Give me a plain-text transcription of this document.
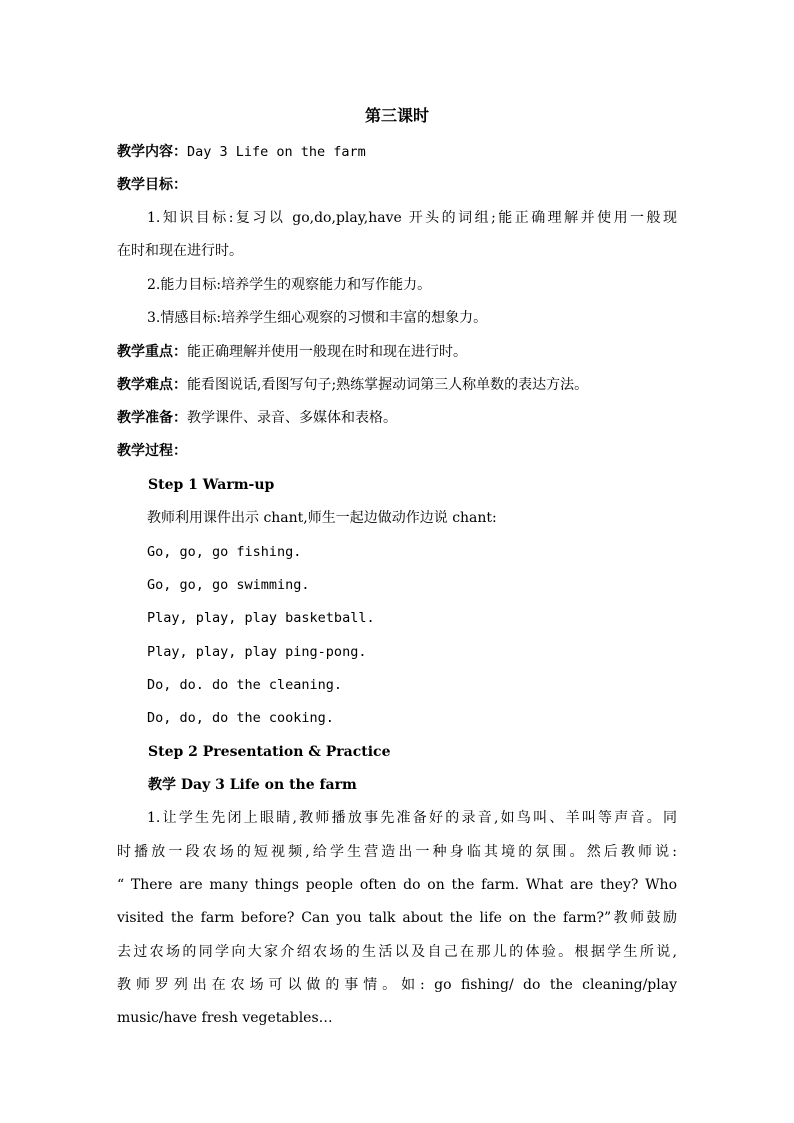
第三课时
教学内容：Day 3 Life on the farm
教学目标：
1.知识目标:复习以 go,do,play,have 开头的词组;能正确理解并使用一般现
在时和现在进行时。
2.能力目标:培养学生的观察能力和写作能力。
3.情感目标:培养学生细心观察的习惯和丰富的想象力。
教学重点：能正确理解并使用一般现在时和现在进行时。
教学难点：能看图说话,看图写句子;熟练掌握动词第三人称单数的表达方法。
教学准备：教学课件、录音、多媒体和表格。
教学过程：
Step 1 Warm-up
教师利用课件出示 chant,师生一起边做动作边说 chant:
Go, go, go fishing.
Go, go, go swimming.
Play, play, play basketball.
Play, play, play ping-pong.
Do, do. do the cleaning.
Do, do, do the cooking.
Step 2 Presentation & Practice
教学 Day 3 Life on the farm
1.让学生先闭上眼睛,教师播放事先准备好的录音,如鸟叫、羊叫等声音。同
时播放一段农场的短视频,给学生营造出一种身临其境的氛围。然后教师说:
“ There are many things people often do on the farm. What are they? Who
visited the farm before? Can you talk about the life on the farm?”教师鼓励
去过农场的同学向大家介绍农场的生活以及自己在那儿的体验。根据学生所说,
教师罗列出在农场可以做的事情。如: go fishing/ do the cleaning/play
music/have fresh vegetables…
